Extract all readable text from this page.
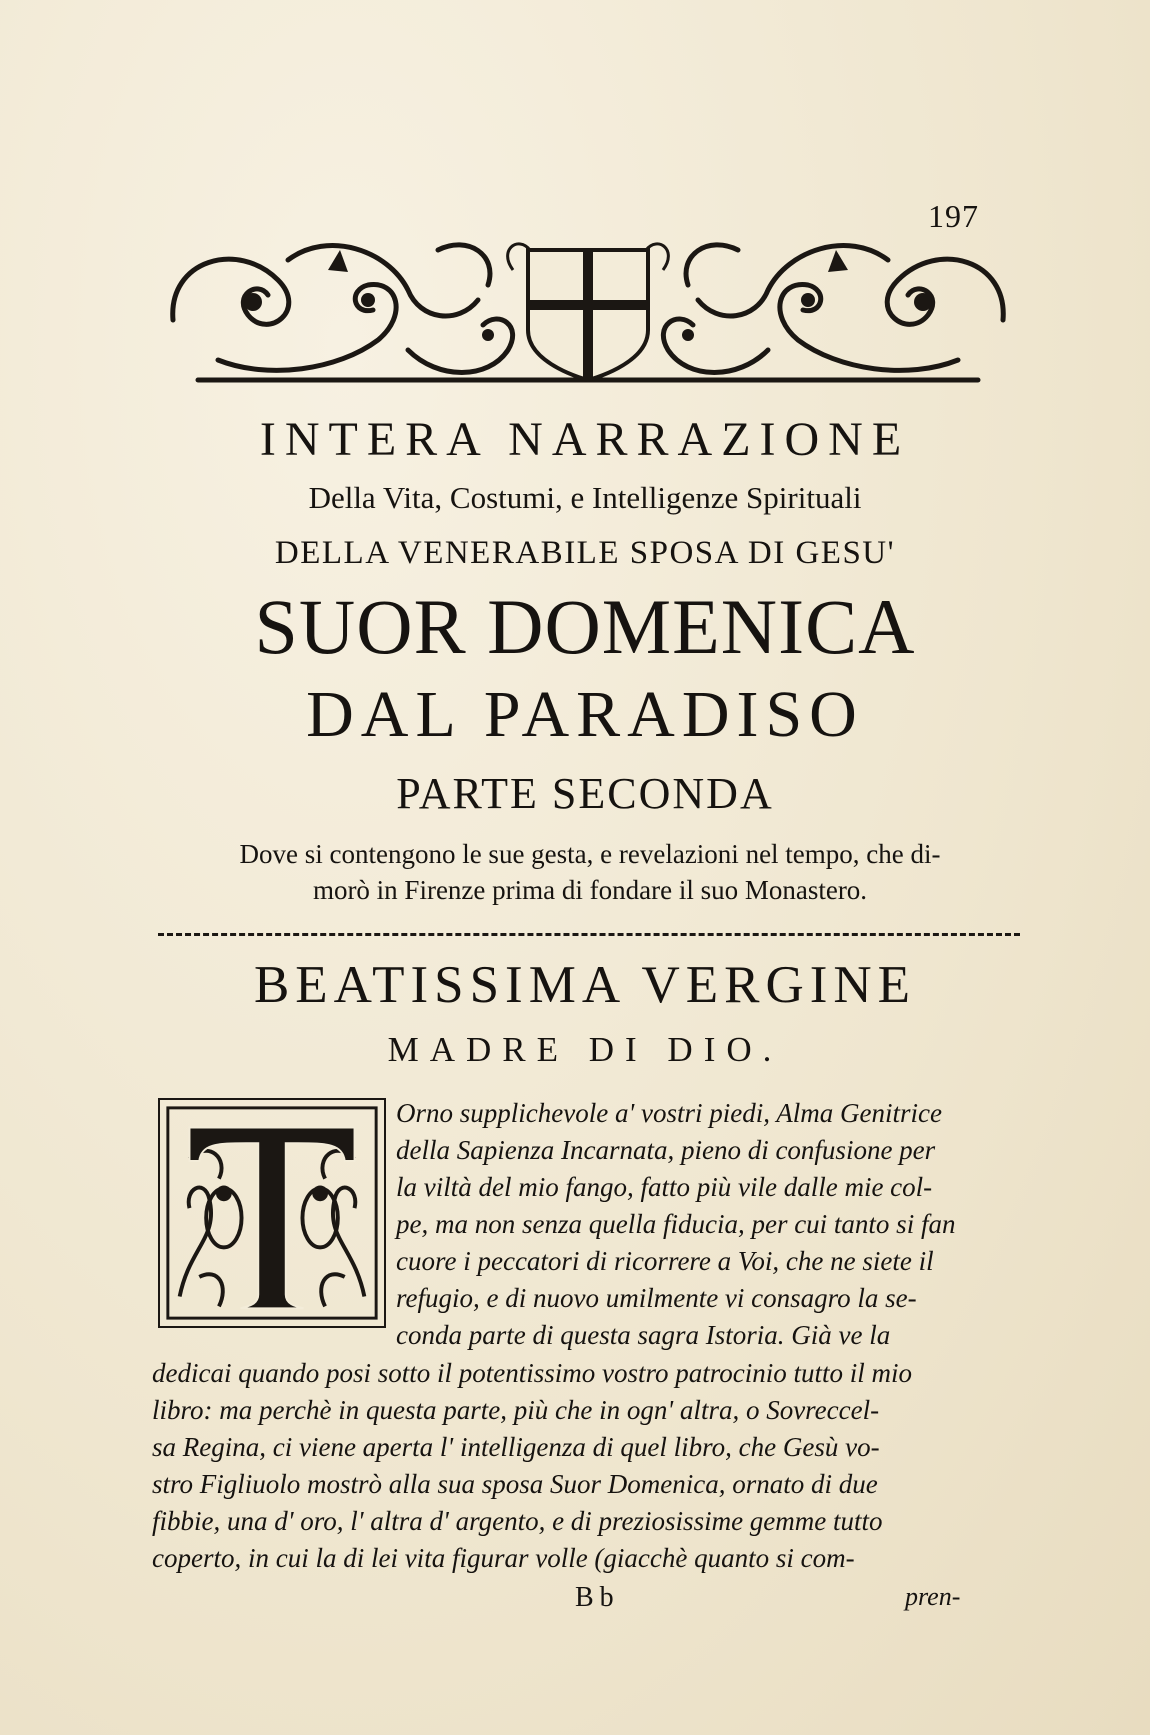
197
INTERA NARRAZIONE
Della Vita, Costumi, e Intelligenze Spirituali
DELLA VENERABILE SPOSA DI GESU'
SUOR DOMENICA
DAL PARADISO
PARTE SECONDA
Dove si contengono le sue gesta, e revelazioni nel tempo, che di-
morò in Firenze prima di fondare il suo Monastero.
BEATISSIMA VERGINE
MADRE DI DIO.
Orno supplichevole a' vostri piedi, Alma Genitrice
della Sapienza Incarnata, pieno di confusione per
la viltà del mio fango, fatto più vile dalle mie col-
pe, ma non senza quella fiducia, per cui tanto si fan
cuore i peccatori di ricorrere a Voi, che ne siete il
refugio, e di nuovo umilmente vi consagro la se-
conda parte di questa sagra Istoria. Già ve la
dedicai quando posi sotto il potentissimo vostro patrocinio tutto il mio
libro: ma perchè in questa parte, più che in ogn' altra, o Sovreccel-
sa Regina, ci viene aperta l' intelligenza di quel libro, che Gesù vo-
stro Figliuolo mostrò alla sua sposa Suor Domenica, ornato di due
fibbie, una d' oro, l' altra d' argento, e di preziosissime gemme tutto
coperto, in cui la di lei vita figurar volle (giacchè quanto si com-
Bb	pren-
